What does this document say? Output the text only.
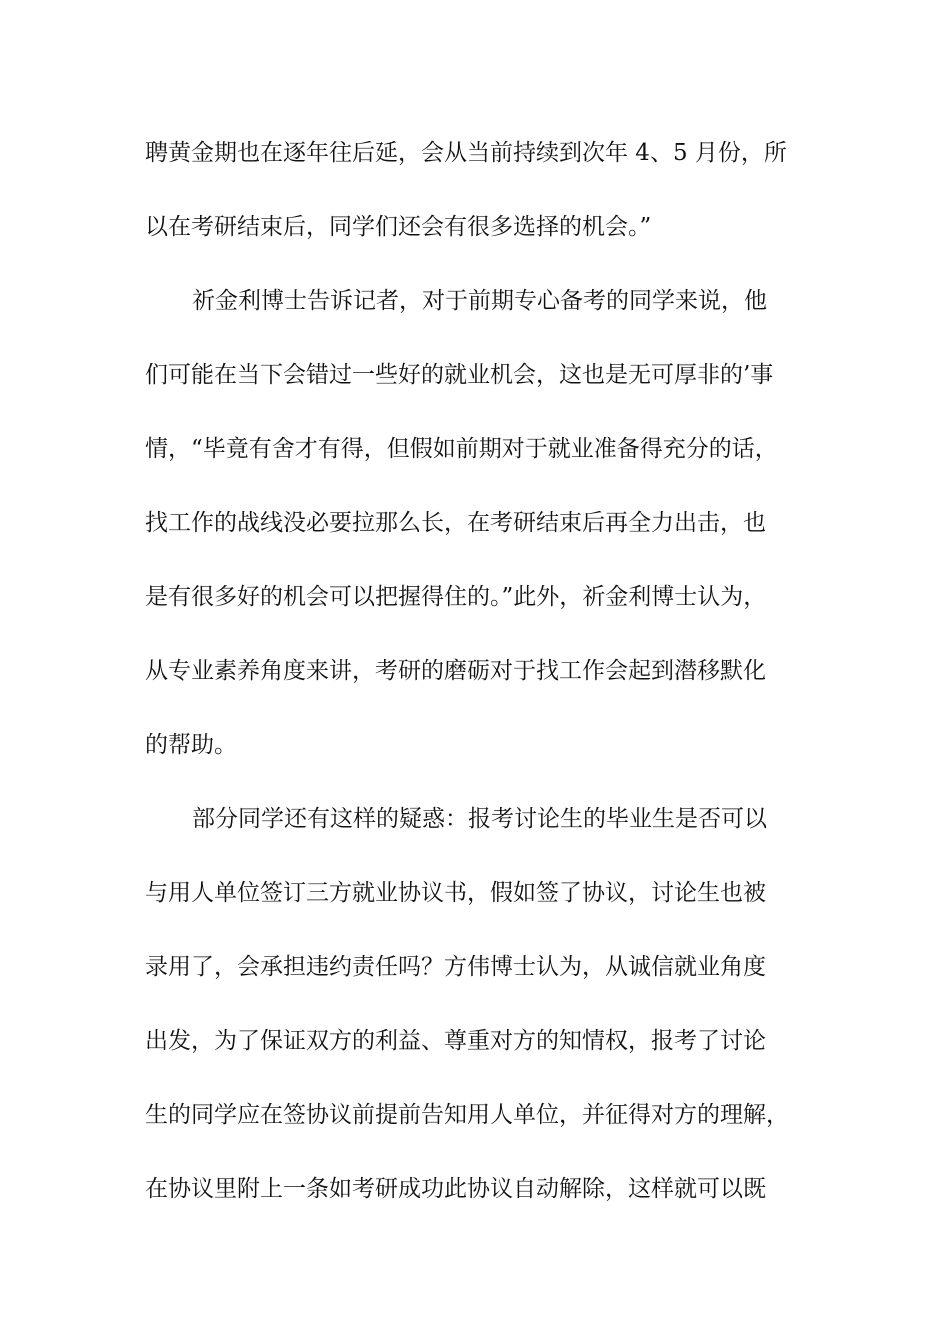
聘黄金期也在逐年往后延，会从当前持续到次年 4、5 月份，所
以在考研结束后，同学们还会有很多选择的机会。”
祈金利博士告诉记者，对于前期专心备考的同学来说，他
们可能在当下会错过一些好的就业机会，这也是无可厚非的’事
情，“毕竟有舍才有得，但假如前期对于就业准备得充分的话，
找工作的战线没必要拉那么长，在考研结束后再全力出击，也
是有很多好的机会可以把握得住的。”此外，祈金利博士认为，
从专业素养角度来讲，考研的磨砺对于找工作会起到潜移默化
的帮助。
部分同学还有这样的疑惑：报考讨论生的毕业生是否可以
与用人单位签订三方就业协议书，假如签了协议，讨论生也被
录用了，会承担违约责任吗？方伟博士认为，从诚信就业角度
出发，为了保证双方的利益、尊重对方的知情权，报考了讨论
生的同学应在签协议前提前告知用人单位，并征得对方的理解，
在协议里附上一条如考研成功此协议自动解除，这样就可以既
